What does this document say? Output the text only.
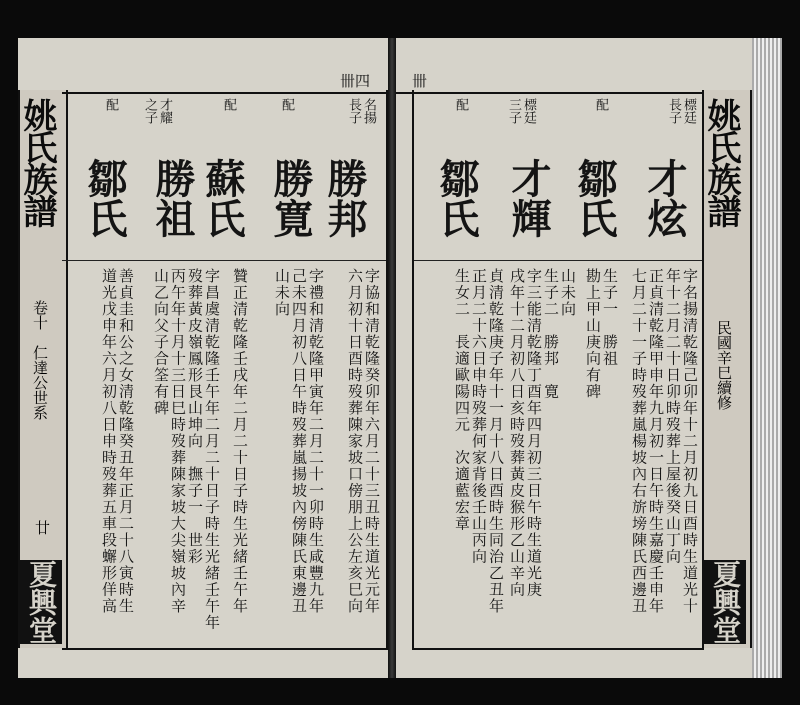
姚氏族譜
卷十　仁達公世系
廿
夏興堂
卌四
名揚
長子
勝邦
字協和清乾隆癸卯年六月二十三丑時生道光元年
六月初十日酉時歿葬陳家坡口傍朋上公左亥巳向
配
勝寛
字禮和清乾隆甲寅年二月二十一卯時生咸豐九年
己未四月初八日午時歿葬嵐揚坡內傍陳氏東邊丑
山未向
配
蘇氏
贊正清乾隆壬戌年二月二十日子時生光緒壬午年
才耀
之子
勝祖
字昌虞清乾隆壬午年二月二十日子時生光緒壬午年
歿葬黃皮嶺鳳形艮山坤向　撫子一　世彩
丙午年十月十三日巳時歿葬陳家坡大尖嶺坡內辛
山乙向父子合筌有碑
配
鄒氏
善貞圭和公之女清乾隆癸丑年正月二十八寅時生
道光戊申年六月初八日申時歿葬五車段蠏形佯高
卌
標廷
長子
才炫
字名揚清乾隆己卯年十二月初九日酉時生道光十
年十二月二十日卯時歿葬上屋後癸山丁向
正貞清乾隆甲申年九月初一日午時生嘉慶壬申年
七月二十一子時歿葬嵐楊坡內右旂塝陳氏西邊丑
配
鄒氏
生子一　勝祖
勘上甲山庚向有碑
標廷
三子
才輝
山未向
生子二　勝邦　寛
字三能清乾隆丁酉年四月初三日午時生道光庚
戌年十二月初八日亥時歿葬黃皮猴形乙山辛向
配
鄒氏
貞清乾隆庚子年十一月十八日酉時生同治乙丑年
正月二十六日申時歿葬何家背後壬山丙向
生女二　長適歐陽四元　次適藍宏章
姚氏族譜
民國辛巳續修
夏興堂
